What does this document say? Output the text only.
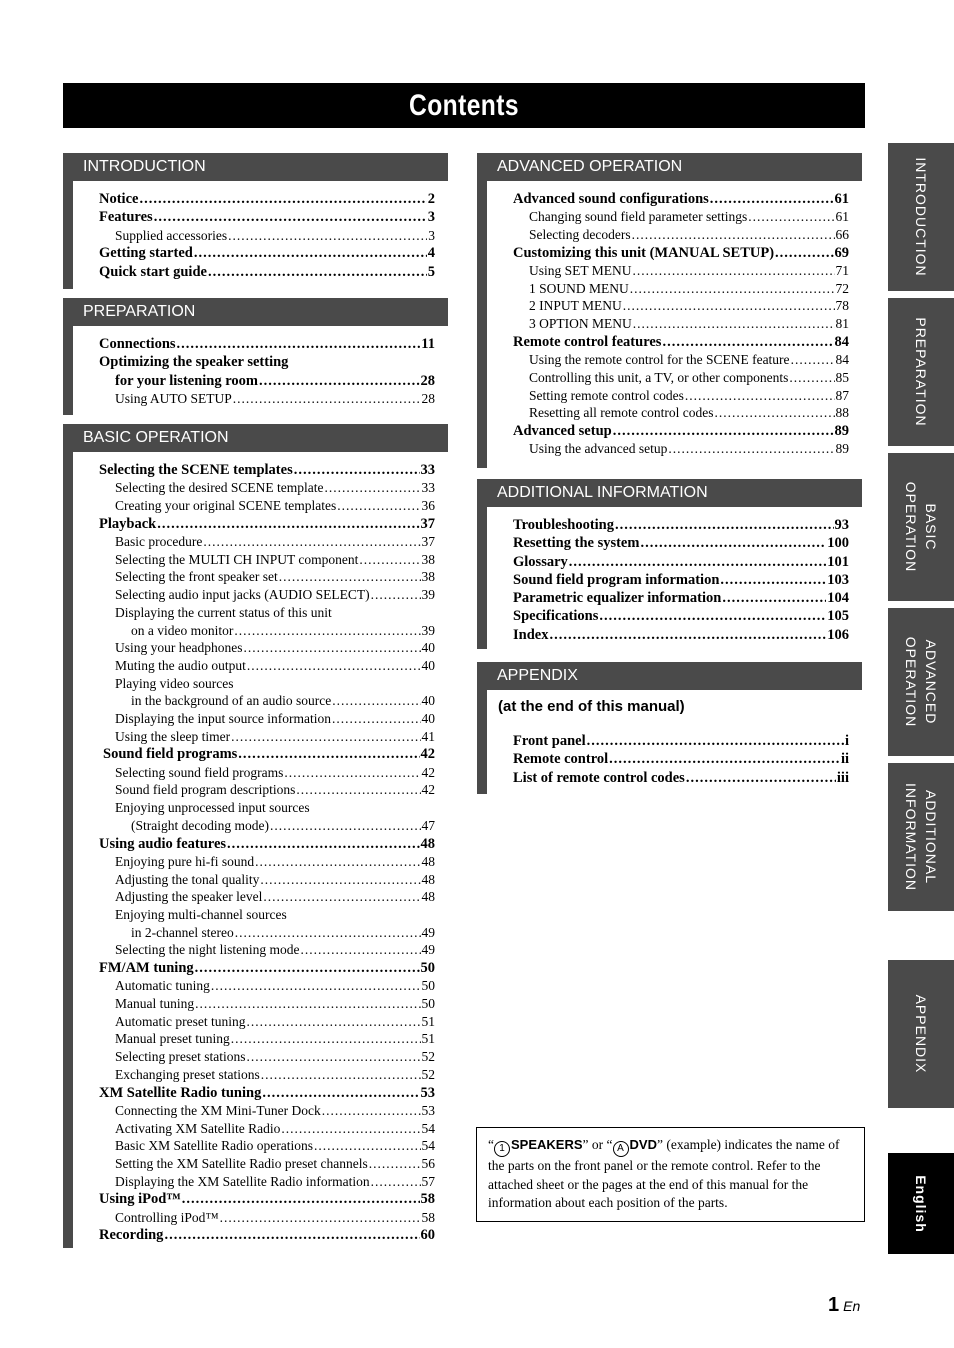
Contents
INTRODUCTION
Notice .....	2
Features .....	3
Supplied accessories .....	3
Getting started .....	4
Quick start guide .....	5
PREPARATION
Connections .....	11
Optimizing the speaker setting
for your listening room .....	28
Using AUTO SETUP .....	28
BASIC OPERATION
Selecting the SCENE templates .....	33
Selecting the desired SCENE template .....	33
Creating your original SCENE templates .....	36
Playback .....	37
Basic procedure .....	37
Selecting the MULTI CH INPUT component .....	38
Selecting the front speaker set .....	38
Selecting audio input jacks (AUDIO SELECT) .....	39
Displaying the current status of this unit
on a video monitor .....	39
Using your headphones .....	40
Muting the audio output .....	40
Playing video sources
in the background of an audio source .....	40
Displaying the input source information .....	40
Using the sleep timer .....	41
Sound field programs .....	42
Selecting sound field programs .....	42
Sound field program descriptions .....	42
Enjoying unprocessed input sources
(Straight decoding mode) .....	47
Using audio features .....	48
Enjoying pure hi-fi sound .....	48
Adjusting the tonal quality .....	48
Adjusting the speaker level .....	48
Enjoying multi-channel sources
in 2-channel stereo .....	49
Selecting the night listening mode .....	49
FM/AM tuning .....	50
Automatic tuning .....	50
Manual tuning .....	50
Automatic preset tuning .....	51
Manual preset tuning .....	51
Selecting preset stations .....	52
Exchanging preset stations .....	52
XM Satellite Radio tuning .....	53
Connecting the XM Mini-Tuner Dock .....	53
Activating XM Satellite Radio .....	54
Basic XM Satellite Radio operations .....	54
Setting the XM Satellite Radio preset channels .....	56
Displaying the XM Satellite Radio information .....	57
Using iPod™ .....	58
Controlling iPod™ .....	58
Recording .....	60
ADVANCED OPERATION
Advanced sound configurations .....	61
Changing sound field parameter settings .....	61
Selecting decoders .....	66
Customizing this unit (MANUAL SETUP) .....	69
Using SET MENU .....	71
1 SOUND MENU .....	72
2 INPUT MENU .....	78
3 OPTION MENU .....	81
Remote control features .....	84
Using the remote control for the SCENE feature .....	84
Controlling this unit, a TV, or other components .....	85
Setting remote control codes .....	87
Resetting all remote control codes .....	88
Advanced setup .....	89
Using the advanced setup .....	89
ADDITIONAL INFORMATION
Troubleshooting .....	93
Resetting the system .....	100
Glossary .....	101
Sound field program information .....	103
Parametric equalizer information .....	104
Specifications .....	105
Index .....	106
APPENDIX
(at the end of this manual)
Front panel .....	i
Remote control .....	ii
List of remote control codes .....	iii
INTRODUCTION
PREPARATION
BASIC OPERATION
ADVANCED OPERATION
ADDITIONAL INFORMATION
APPENDIX
English
“ 1 SPEAKERS” or “ A DVD” (example) indicates the name of the parts on the front panel or the remote control. Refer to the attached sheet or the pages at the end of this manual for the information about each position of the parts.
1 En
